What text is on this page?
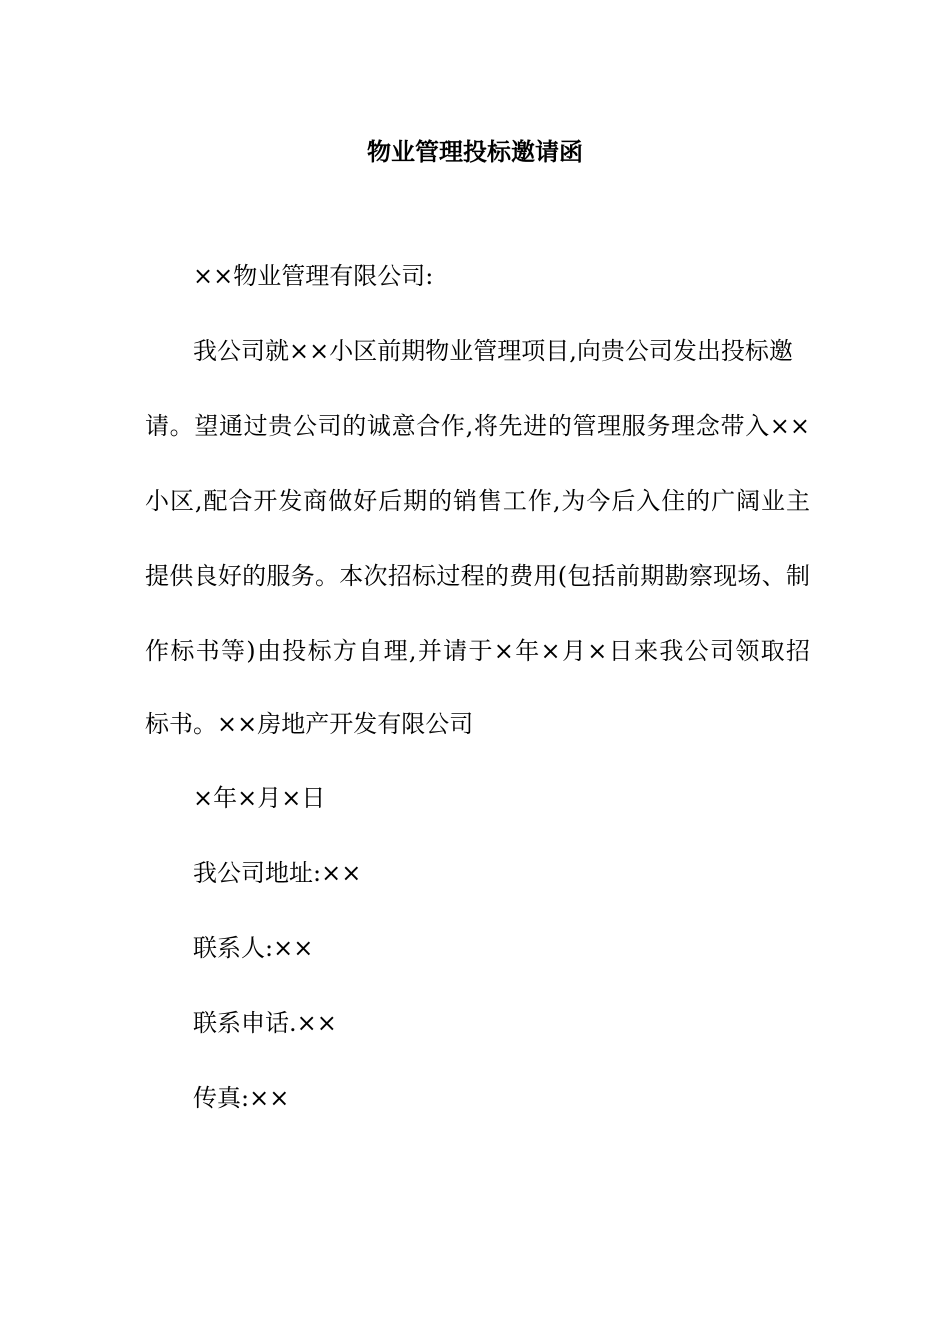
物业管理投标邀请函
××物业管理有限公司:
我公司就××小区前期物业管理项目,向贵公司发出投标邀
请。望通过贵公司的诚意合作,将先进的管理服务理念带入××
小区,配合开发商做好后期的销售工作,为今后入住的广阔业主
提供良好的服务。本次招标过程的费用(包括前期勘察现场、制
作标书等)由投标方自理,并请于×年×月×日来我公司领取招
标书。××房地产开发有限公司
×年×月×日
我公司地址:××
联系人:××
联系申话.××
传真:××
